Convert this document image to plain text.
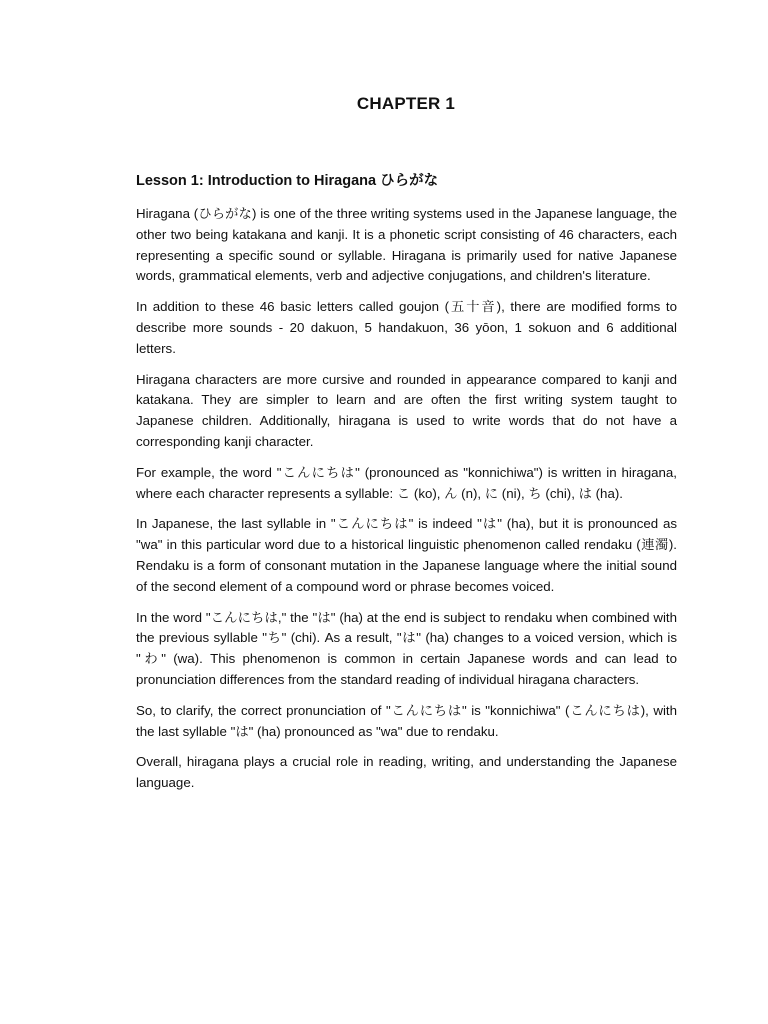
CHAPTER 1
Lesson 1: Introduction to Hiragana ひらがな

Hiragana (ひらがな) is one of the three writing systems used in the Japanese language, the other two being katakana and kanji. It is a phonetic script consisting of 46 characters, each representing a specific sound or syllable. Hiragana is primarily used for native Japanese words, grammatical elements, verb and adjective conjugations, and children's literature.

In addition to these 46 basic letters called goujon (五十音), there are modified forms to describe more sounds - 20 dakuon, 5 handakuon, 36 yōon, 1 sokuon and 6 additional letters.

Hiragana characters are more cursive and rounded in appearance compared to kanji and katakana. They are simpler to learn and are often the first writing system taught to Japanese children. Additionally, hiragana is used to write words that do not have a corresponding kanji character.

For example, the word "こんにちは" (pronounced as "konnichiwa") is written in hiragana, where each character represents a syllable: こ (ko), ん (n), に (ni), ち (chi), は (ha).

In Japanese, the last syllable in "こんにちは" is indeed "は" (ha), but it is pronounced as "wa" in this particular word due to a historical linguistic phenomenon called rendaku (連濁). Rendaku is a form of consonant mutation in the Japanese language where the initial sound of the second element of a compound word or phrase becomes voiced.

In the word "こんにちは," the "は" (ha) at the end is subject to rendaku when combined with the previous syllable "ち" (chi). As a result, "は" (ha) changes to a voiced version, which is "わ" (wa). This phenomenon is common in certain Japanese words and can lead to pronunciation differences from the standard reading of individual hiragana characters.

So, to clarify, the correct pronunciation of "こんにちは" is "konnichiwa" (こんにちは), with the last syllable "は" (ha) pronounced as "wa" due to rendaku.

Overall, hiragana plays a crucial role in reading, writing, and understanding the Japanese language.
